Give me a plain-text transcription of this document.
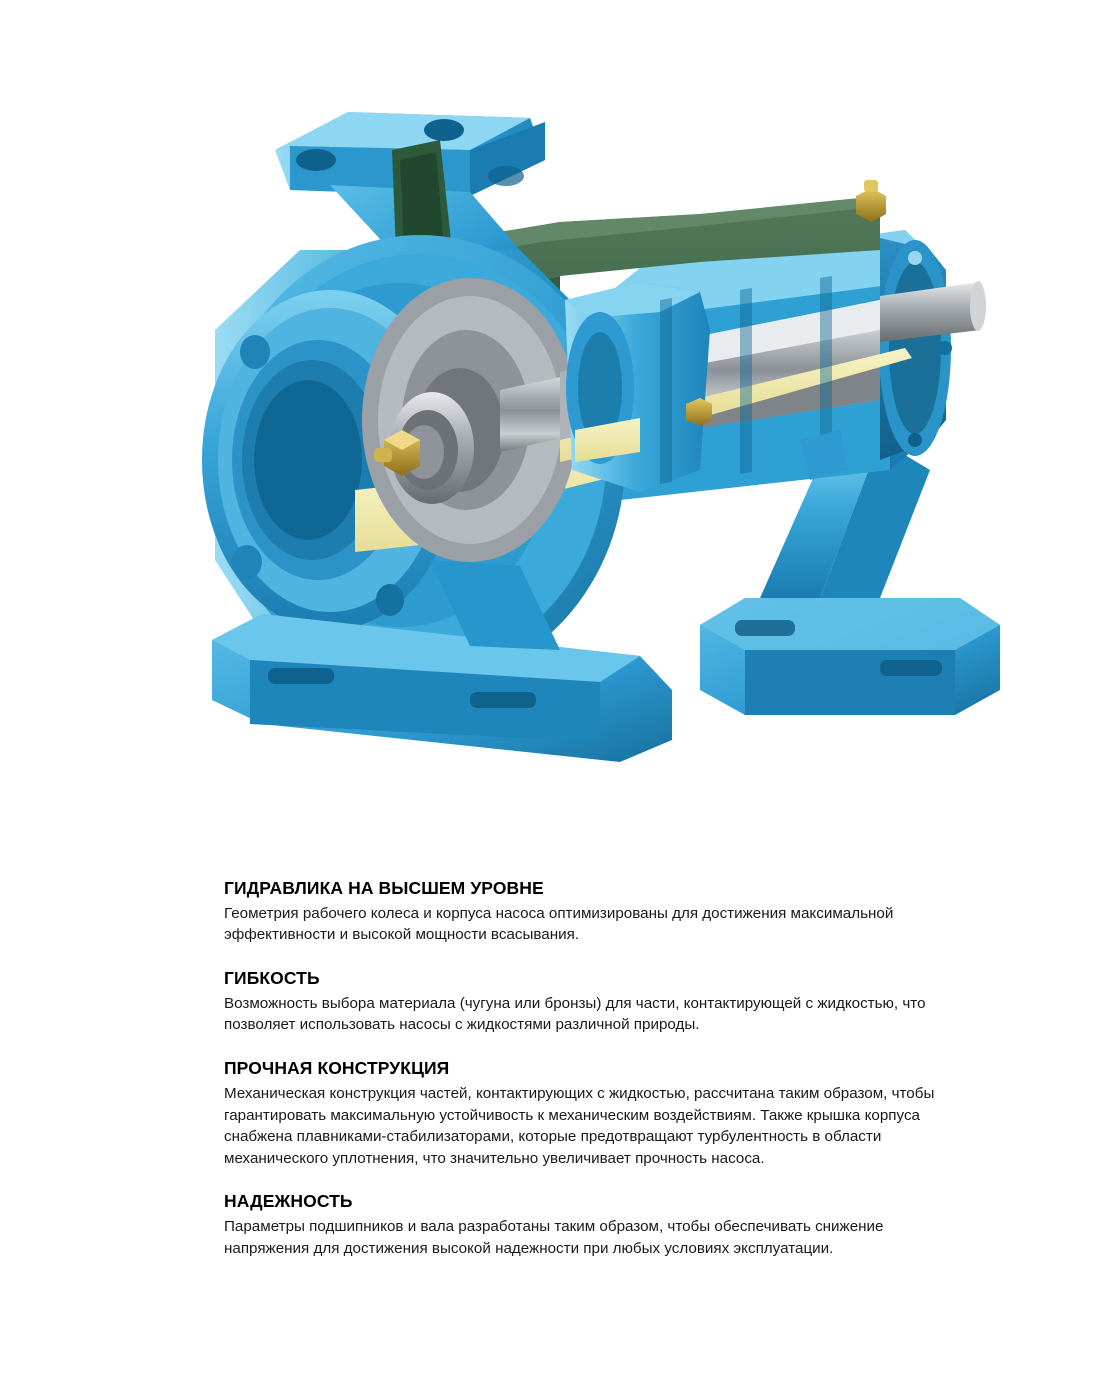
ГИДРАВЛИКА НА ВЫСШЕМ УРОВНЕ

Геометрия рабочего колеса и корпуса насоса оптимизированы для достижения максимальной эффективности и высокой мощности всасывания.

ГИБКОСТЬ

Возможность выбора материала (чугуна или бронзы) для части, контактирующей с жидкостью, что позволяет использовать насосы с жидкостями различной природы.

ПРОЧНАЯ КОНСТРУКЦИЯ

Механическая конструкция частей, контактирующих с жидкостью, рассчитана таким образом, чтобы гарантировать максимальную устойчивость к механическим воздействиям. Также крышка корпуса снабжена плавниками-стабилизаторами, которые предотвращают турбулентность в области механического уплотнения, что значительно увеличивает прочность насоса.

НАДЕЖНОСТЬ

Параметры подшипников и вала разработаны таким образом, чтобы обеспечивать снижение напряжения для достижения высокой надежности при любых условиях эксплуатации.
